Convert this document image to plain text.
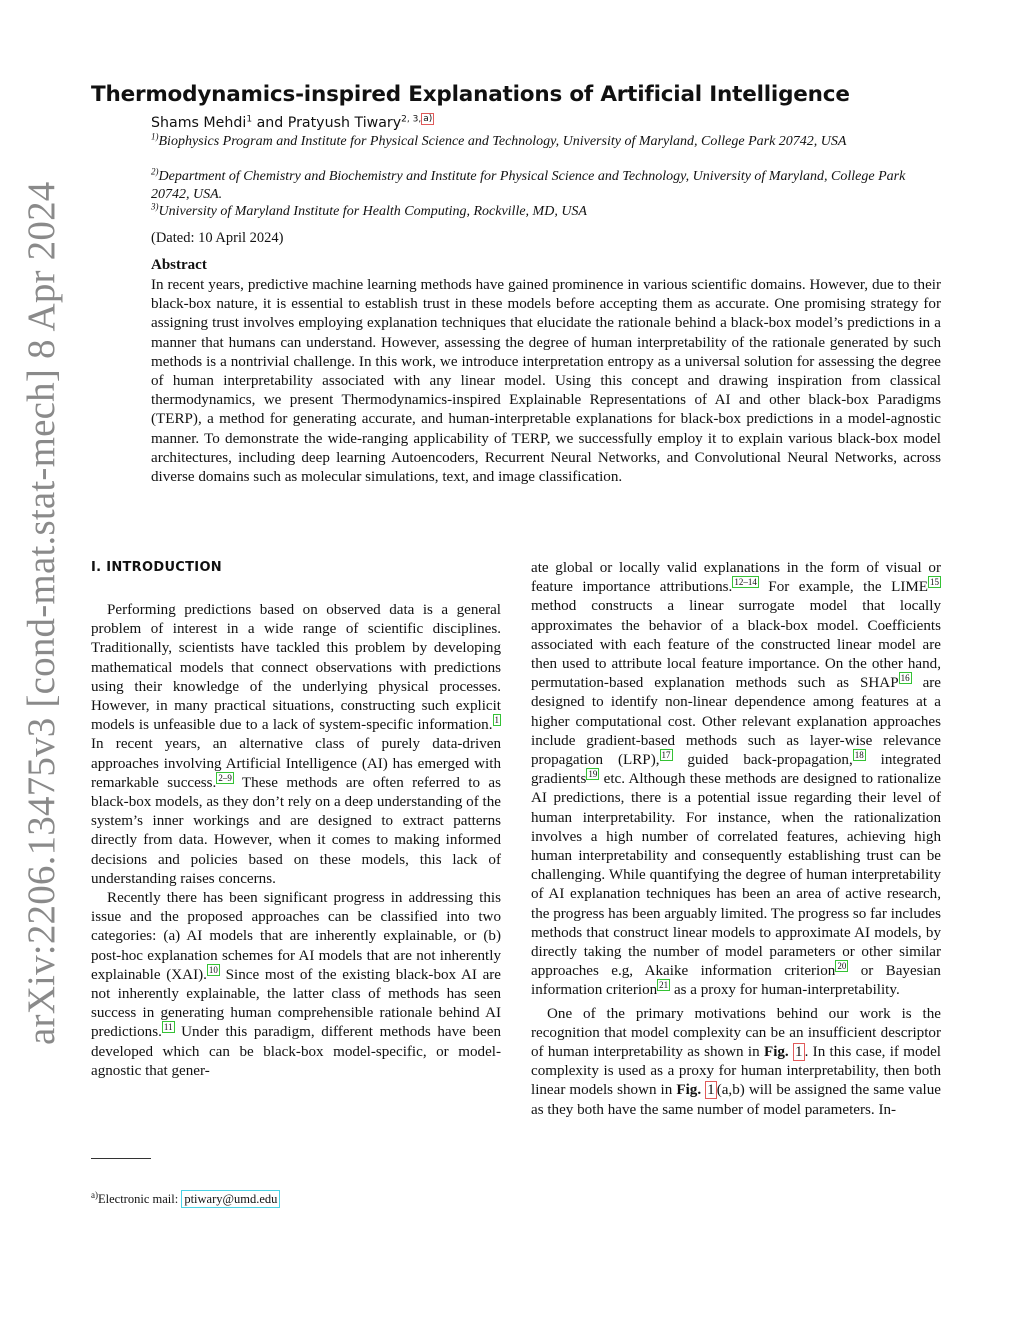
arXiv:2206.13475v3 [cond-mat.stat-mech] 8 Apr 2024
Thermodynamics-inspired Explanations of Artificial Intelligence
Shams Mehdi$^1$ and Pratyush Tiwary$^{2, 3, a)}$
$^{1)}$Biophysics Program and Institute for Physical Science and Technology, University of Maryland, College Park 20742, USA
$^{2)}$Department of Chemistry and Biochemistry and Institute for Physical Science and Technology, University of Maryland, College Park 20742, USA.
$^{3)}$University of Maryland Institute for Health Computing, Rockville, MD, USA
(Dated: 10 April 2024)
Abstract
In recent years, predictive machine learning methods have gained prominence in various scientific domains. However, due to their black-box nature, it is essential to establish trust in these models before accepting them as accurate. One promising strategy for assigning trust involves employing explanation techniques that elucidate the rationale behind a black-box model’s predictions in a manner that humans can understand. However, assessing the degree of human interpretability of the rationale generated by such methods is a nontrivial challenge. In this work, we introduce interpretation entropy as a universal solution for assessing the degree of human interpretability associated with any linear model. Using this concept and drawing inspiration from classical thermodynamics, we present Thermodynamics-inspired Explainable Representations of AI and other black-box Paradigms (TERP), a method for generating accurate, and human-interpretable explanations for black-box predictions in a model-agnostic manner. To demonstrate the wide-ranging applicability of TERP, we successfully employ it to explain various black-box model architectures, including deep learning Autoencoders, Recurrent Neural Networks, and Convolutional Neural Networks, across diverse domains such as molecular simulations, text, and image classification.
I. INTRODUCTION

Performing predictions based on observed data is a general problem of interest in a wide range of scientific disciplines. Traditionally, scientists have tackled this problem by developing mathematical models that connect observations with predictions using their knowledge of the underlying physical processes. However, in many practical situations, constructing such explicit models is unfeasible due to a lack of system-specific information. $^1$ In recent years, an alternative class of purely data-driven approaches involving Artificial Intelligence (AI) has emerged with remarkable success. $^{2-9}$ These methods are often referred to as black-box models, as they don’t rely on a deep understanding of the system’s inner workings and are designed to extract patterns directly from data. However, when it comes to making informed decisions and policies based on these models, this lack of understanding raises concerns.

Recently there has been significant progress in addressing this issue and the proposed approaches can be classified into two categories: (a) AI models that are inherently explainable, or (b) post-hoc explanation schemes for AI models that are not inherently explainable (XAI). $^{10}$ Since most of the existing black-box AI are not inherently explainable, the latter class of methods has seen success in generating human comprehensible rationale behind AI predictions. $^{11}$ Under this paradigm, different methods have been developed which can be black-box model-specific, or model-agnostic that gener-

ate global or locally valid explanations in the form of visual or feature importance attributions. $^{12-14}$ For example, the LIME $^{15}$ method constructs a linear surrogate model that locally approximates the behavior of a black-box model. Coefficients associated with each feature of the constructed linear model are then used to attribute local feature importance. On the other hand, permutation-based explanation methods such as SHAP $^{16}$ are designed to identify non-linear dependence among features at a higher computational cost. Other relevant explanation approaches include gradient-based methods such as layer-wise relevance propagation (LRP), $^{17}$ guided back-propagation, $^{18}$ integrated gradients $^{19}$ etc. Although these methods are designed to rationalize AI predictions, there is a potential issue regarding their level of human interpretability. For instance, when the rationalization involves a high number of correlated features, achieving high human interpretability and consequently establishing trust can be challenging. While quantifying the degree of human interpretability of AI explanation techniques has been an area of active research, the progress has been arguably limited. The progress so far includes methods that construct linear models to approximate AI models, by directly taking the number of model parameters or other similar approaches e.g, Akaike information criterion $^{20}$ or Bayesian information criterion $^{21}$ as a proxy for human-interpretability.

One of the primary motivations behind our work is the recognition that model complexity can be an insufficient descriptor of human interpretability as shown in Fig. 1 . In this case, if model complexity is used as a proxy for human interpretability, then both linear models shown in Fig. 1 (a,b) will be assigned the same value as they both have the same number of model parameters. In-

$^{a)}$Electronic mail: ptiwary@umd.edu
